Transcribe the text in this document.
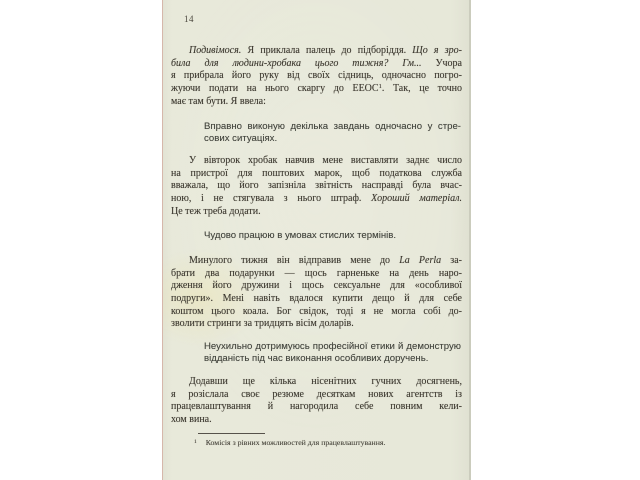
14
Подивімося. Я приклала палець до підборіддя. Що я зро-
била для людини-хробака цього тижня? Гм... Учора
я прибрала його руку від своїх сідниць, одночасно погро-
жуючи подати на нього скаргу до EEOC$^1$. Так, це точно
має там бути. Я ввела:
Вправно виконую декілька завдань одночасно у стре-
сових ситуаціях.
У вівторок хробак навчив мене виставляти заднє число
на пристрої для поштових марок, щоб податкова служба
вважала, що його запізніла звітність насправді була вчас-
ною, і не стягувала з нього штраф. Хороший матеріал.
Це теж треба додати.
Чудово працюю в умовах стислих термінів.
Минулого тижня він відправив мене до La Perla за-
брати два подарунки — щось гарненьке на день наро-
дження його дружини і щось сексуальне для «особливої
подруги». Мені навіть вдалося купити дещо й для себе
коштом цього коала. Бог свідок, тоді я не могла собі до-
зволити стринги за тридцять вісім доларів.
Неухильно дотримуюсь професійної етики й демонструю
відданість під час виконання особливих доручень.
Додавши ще кілька нісенітних гучних досягнень,
я розіслала своє резюме десяткам нових агентств із
працевлаштування й нагородила себе повним кели-
хом вина.
$^1$ Комісія з рівних можливостей для працевлаштування.
